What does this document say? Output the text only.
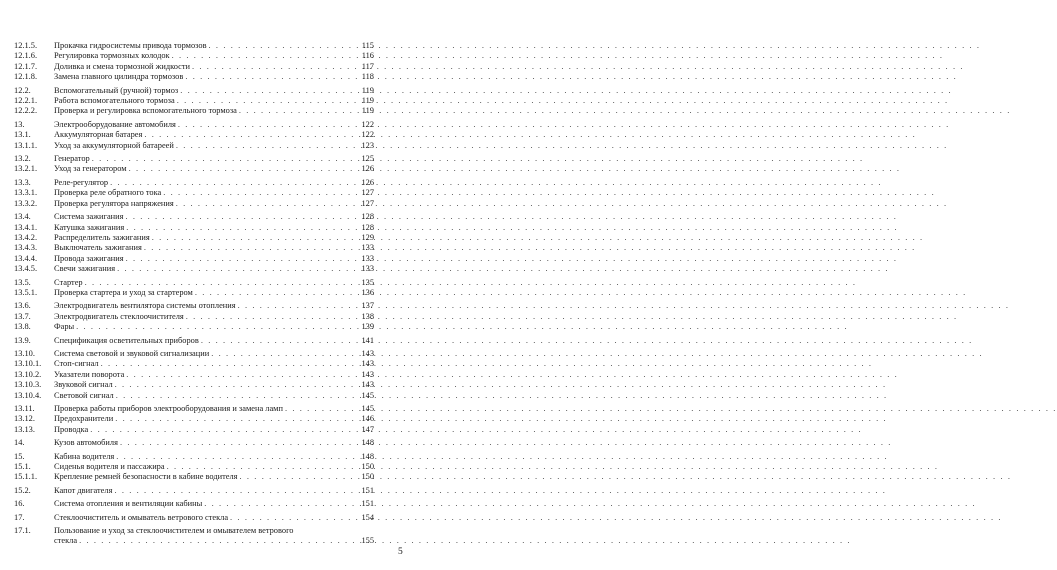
12.1.5.	Прокачка гидросистемы привода тормозов . . .	115
12.1.6.	Регулировка тормозных колодок . . .	116
12.1.7.	Доливка и смена тормозной жидкости . . .	117
12.1.8.	Замена главного цилиндра тормозов . . .	118
12.2.	Вспомогательный (ручной) тормоз . . .	119
12.2.1.	Работа вспомогательного тормоза . . .	119
12.2.2.	Проверка и регулировка вспомогательного тормоза . . .	119
13.	Электрооборудование автомобиля . . .	122
13.1.	Аккумуляторная батарея . . .	122
13.1.1.	Уход за аккумуляторной батареей . . .	123
13.2.	Генератор . . .	125
13.2.1.	Уход за генератором . . .	126
13.3.	Реле-регулятор . . .	126
13.3.1.	Проверка реле обратного тока . . .	127
13.3.2.	Проверка регулятора напряжения . . .	127
13.4.	Система зажигания . . .	128
13.4.1.	Катушка зажигания . . .	128
13.4.2.	Распределитель зажигания . . .	129
13.4.3.	Выключатель зажигания . . .	133
13.4.4.	Провода зажигания . . .	133
13.4.5.	Свечи зажигания . . .	133
13.5.	Стартер . . .	135
13.5.1.	Проверка стартера и уход за стартером . . .	136
13.6.	Электродвигатель вентилятора системы отопления . . .	137
13.7.	Электродвигатель стеклоочистителя . . .	138
13.8.	Фары . . .	139
13.9.	Спецификация осветительных приборов . . .	141
13.10.	Система световой и звуковой сигнализации . . .	143
13.10.1.	Стоп-сигнал . . .	143
13.10.2.	Указатели поворота . . .	143
13.10.3.	Звуковой сигнал . . .	143
13.10.4.	Световой сигнал . . .	145
13.11.	Проверка работы приборов электрооборудования и замена ламп . . .	145
13.12.	Предохранители . . .	146
13.13.	Проводка . . .	147
14.	Кузов автомобиля . . .	148
15.	Кабина водителя . . .	148
15.1.	Сиденья водителя и пассажира . . .	150
15.1.1.	Крепление ремней безопасности в кабине водителя . . .	150
15.2.	Капот двигателя . . .	151
16.	Система отопления и вентиляции кабины . . .	151
17.	Стеклоочиститель и омыватель ветрового стекла . . .	154
17.1.	Пользование и уход за стеклоочистителем и омывателем ветрового
стекла . . .	155
5
